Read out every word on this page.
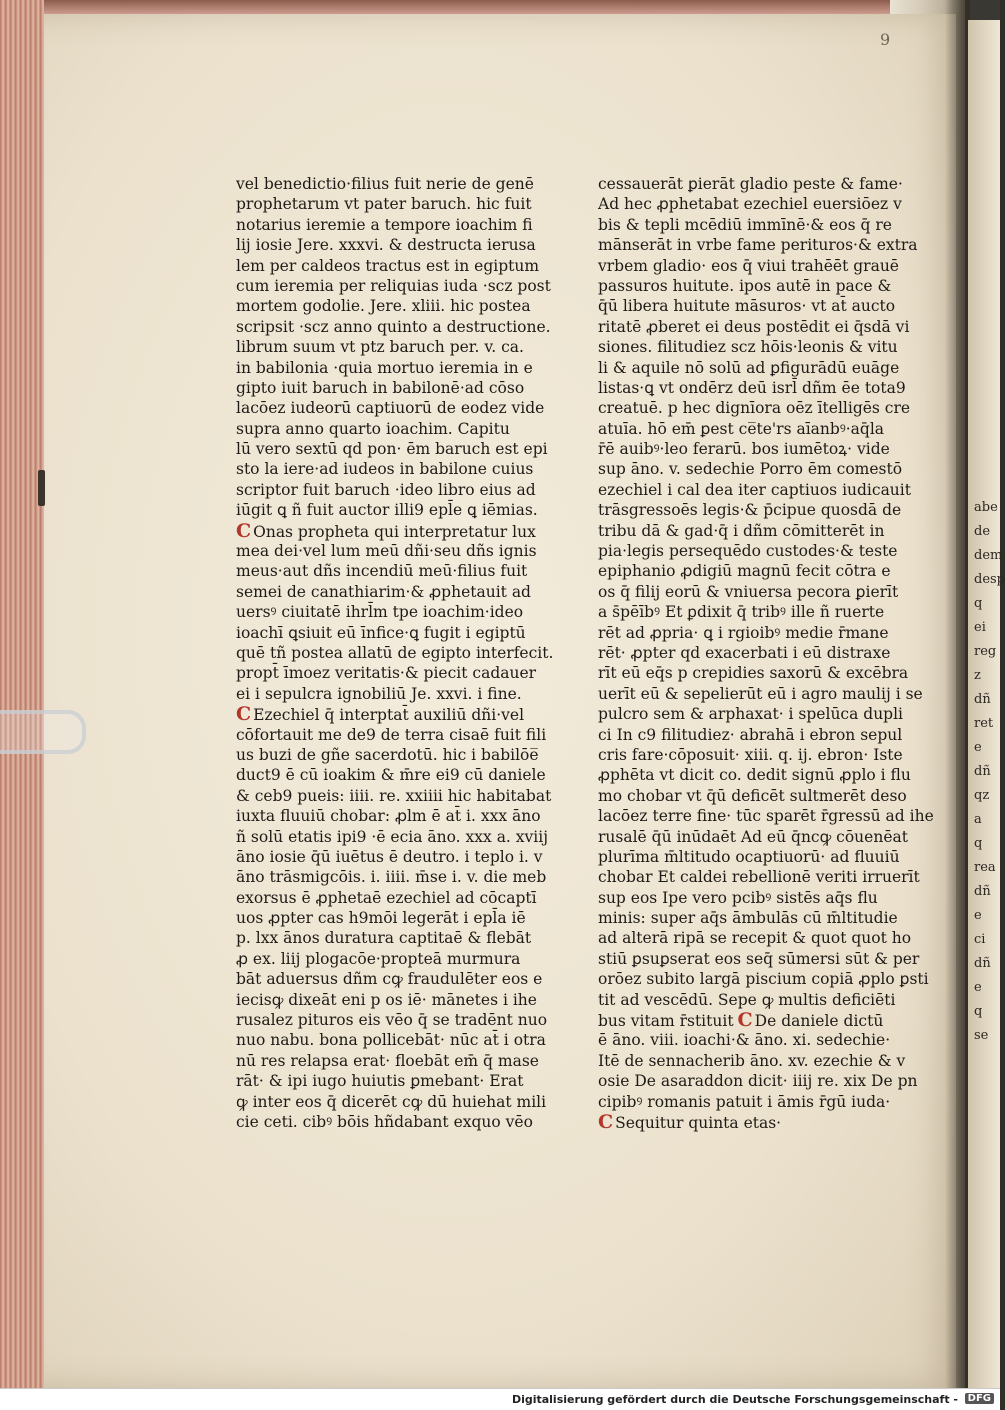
abe
de
dem
desp
q
ei
reg
z
dñ
ret
e
dñ
qz
a
q
rea
dñ
e
ci
dñ
e
q
se
9
vel benedictio·filius fuit nerie de genē
prophetarum vt pater baruch. hic fuit
notarius ieremie a tempore ioachim fi
lij iosie Jere. xxxvi. & destructa ierusa
lem per caldeos tractus est in egiptum
cum ieremia per reliquias iuda ·scz post
mortem godolie. Jere. xliii. hic postea
scripsit ·scz anno quinto a destructione.
librum suum vt ptz baruch per. v. ca.
in babilonia ·quia mortuo ieremia in e
gipto iuit baruch in babilonē·ad cōso
lacōez iudeorū captiuorū de eodez vide
supra anno quarto ioachim. Capitu
lū vero sextū qd pon· ēm baruch est epi
sto la iere·ad iudeos in babilone cuius
scriptor fuit baruch ·ideo libro eius ad
iūgit ꝗ ñ fuit auctor illi9 epl̄e ꝗ iēmias.
C Onas propheta qui interpretatur lux
mea dei·vel lum meū dñi·seu dñs ignis
meus·aut dñs incendiū meū·filius fuit
semei de canathiarim·& ꝓphetauit ad
uersꝰ ciuitatē ihrl̄m tpe ioachim·ideo
ioachī ꝗsiuit eū īnfice·ꝗ fugit i egiptū
quē tñ postea allatū de egipto interfecit.
propt̄ īmoez veritatis·& piecit cadauer
ei i sepulcra ignobiliū Je. xxvi. i fine.
C Ezechiel q̄ interptat̄ auxiliū dñi·vel
cōfortauit me de9 de terra cisaē fuit fili
us buzi de gñe sacerdotū. hic i babilōe̅
duct9 ē cū ioakim & m̄re ei9 cū daniele
& ceb9 pueis: iiii. re. xxiiii hic habitabat
iuxta fluuiū chobar: ꝓlm ē at̄ i. xxx āno
ñ solū etatis ipi9 ·ē ecia āno. xxx a. xviij
āno iosie q̄ū iuētus ē deutro. i teplo i. v
āno trāsmigcōis. i. iiii. m̄se i. v. die meb
exorsus ē ꝓphetaē ezechiel ad cōcaptī
uos ꝓpter cas h9mōi legerāt i epl̄a iē
p. lxx ānos duratura captitaē & flebāt
ꝓ ex. liij plogacōe·propteā murmura
bāt aduersus dñm cꝙ fraudulēter eos e
iecisꝙ dixeāt eni p os iē· mānetes i ihe
rusalez pituros eis vēo q̄ se tradēnt nuo
nuo nabu. bona pollicebāt· nūc at̄ i otra
nū res relapsa erat· floebāt em̄ q̄ mase
rāt· & ipi iugo huiutis ꝑmebant· Erat
ꝙ inter eos q̄ dicerēt cꝙ dū huiehat mili
cie ceti. cibꝰ bōis hñdabant exquo vēo
cessauerāt ꝑierāt gladio peste & fame·
Ad hec ꝓphetabat ezechiel euersiōez v
bis & tepli mcēdiū immīnē·& eos q̄ re
mānserāt in vrbe fame perituros·& extra
vrbem gladio· eos q̄ viui trahēēt grauē
passuros huitute. ipos autē in pace &
q̄ū libera huitute māsuros· vt at̄ aucto
ritatē ꝓberet ei deus postēdit ei q̄sdā vi
siones. filitudiez scz hōis·leonis & vitu
li & aquile nō solū ad ꝑfigurādū euāge
listas·ꝗ vt ondērz deū isrl̄ dñm ēe tota9
creatuē. p hec dignīora oēz ītelligēs cre
atuīa. hō em̄ ꝑest ce̅te'rs aīanbꝰ·aq̄la
r̄ē auibꝰ·leo ferarū. bos iumētoꝝ· vide
sup āno. v. sedechie Porro ēm comestō
ezechiel i cal dea iter captiuos iudicauit
trāsgressoēs legis·& p̄cipue quosdā de
tribu dā & gad·q̄ i dñm cōmitterēt in
pia·legis persequēdo custodes·& teste
epiphanio ꝓdigiū magnū fecit cōtra e
os q̄ filij eorū & vniuersa pecora ꝑierīt
a s̄pēībꝰ Et ꝑdixit q̄ tribꝰ ille ñ ruerte
rēt ad ꝓpria· ꝗ i rgioibꝰ medie r̄mane
rēt· ꝓpter qd exacerbati i eū distraxe
rīt eū eq̄s p crepidies saxorū & excēbra
uerīt eū & sepelierūt eū i agro maulij i se
pulcro sem & arphaxat· i spelūca dupli
ci In c9 filitudiez· abrahā i ebron sepul
cris fare·cōposuit· xiii. q. ij. ebron· Iste
ꝓphēta vt dicit co. dedit signū ꝓplo i flu
mo chobar vt q̄ū deficēt sultmerēt deso
lacōez terre fine· tūc sparēt r̄gressū ad ihe
rusalē q̄ū inūdaēt Ad eū q̄ncꝙ cōuenēat
plurīma m̄ltitudo ocaptiuorū· ad fluuiū
chobar Et caldei rebellionē veriti irruerīt
sup eos Ipe vero pcibꝰ sistēs aq̄s flu
minis: super aq̄s āmbulās cū m̄ltitudie
ad alterā ripā se recepit & quot quot ho
stiū ꝑsuꝑserat eos seq̄ sūmersi sūt & per
orōez subito largā piscium copiā ꝓplo ꝑsti
tit ad vescēdū. Sepe ꝙ multis deficiēti
bus vitam r̄stituit C De daniele dictū
ē āno. viii. ioachi·& āno. xi. sedechie·
Itē de sennacherib āno. xv. ezechie & v
osie De asaraddon dicit· iiij re. xix De pn
cipibꝰ romanis patuit i āmis r̄gū iuda·
C Sequitur quinta etas·
Digitalisierung gefördert durch die Deutsche Forschungsgemeinschaft - DFG
